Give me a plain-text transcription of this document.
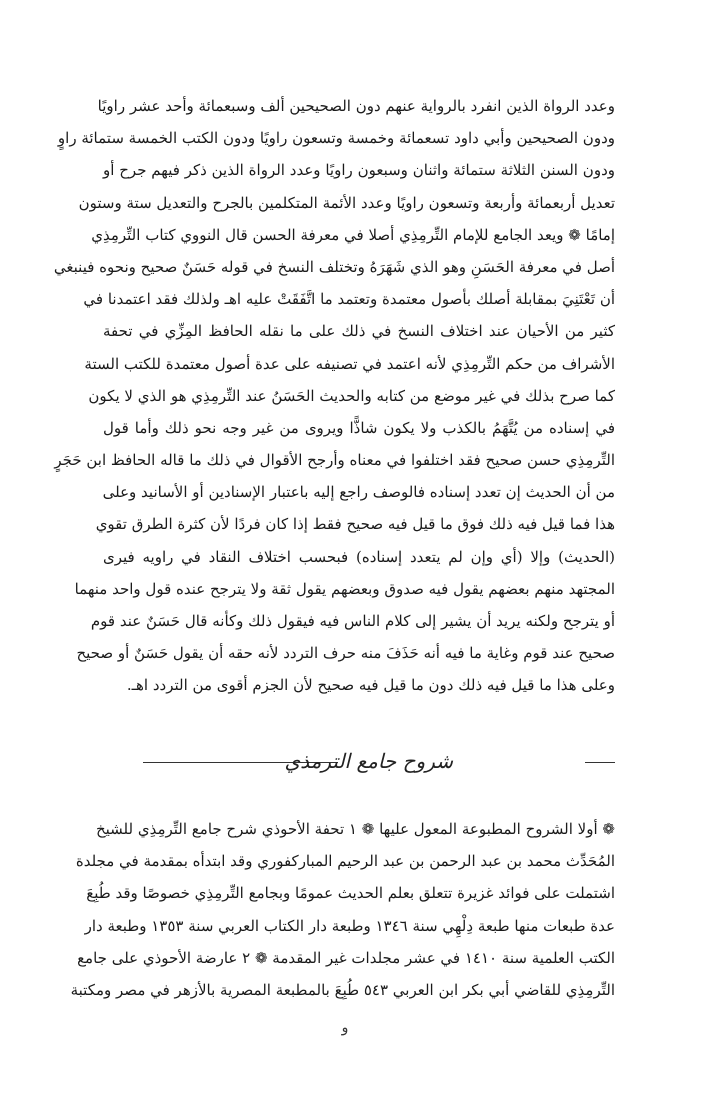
وعدد الرواة الذين انفرد بالرواية عنهم دون الصحيحين ألف وسبعمائة وأحد عشر راويًا
ودون الصحيحين وأبي داود تسعمائة وخمسة وتسعون راويًا ودون الكتب الخمسة ستمائة راوٍ
ودون السنن الثلاثة ستمائة واثنان وسبعون راويًا وعدد الرواة الذين ذكر فيهم جرح أو
تعديل أربعمائة وأربعة وتسعون راويًا وعدد الأئمة المتكلمين بالجرح والتعديل ستة وستون
إمامًا ❁ ويعد الجامع للإمام التِّرمِذِي أصلا في معرفة الحسن قال النووي كتاب التِّرمِذِي
أصل في معرفة الحَسَنِ وهو الذي شَهَرَهُ وتختلف النسخ في قوله حَسَنٌ صحيح ونحوه فينبغي
أن تَعْتَنِيَ بمقابلة أصلك بأصول معتمدة وتعتمد ما اتَّفَقَتْ عليه اهـ ولذلك فقد اعتمدنا في
كثير من الأحيان عند اختلاف النسخ في ذلك على ما نقله الحافظ المِزِّي في تحفة
الأشراف من حكم التِّرمِذِي لأنه اعتمد في تصنيفه على عدة أصول معتمدة للكتب الستة
كما صرح بذلك في غير موضع من كتابه والحديث الحَسَنُ عند التِّرمِذِي هو الذي لا يكون
في إسناده من يُتَّهَمُ بالكذب ولا يكون شاذًّا ويروى من غير وجه نحو ذلك وأما قول
التِّرمِذِي حسن صحيح فقد اختلفوا في معناه وأرجح الأقوال في ذلك ما قاله الحافظ ابن حَجَرٍ
من أن الحديث إن تعدد إسناده فالوصف راجع إليه باعتبار الإسنادين أو الأسانيد وعلى
هذا فما قيل فيه ذلك فوق ما قيل فيه صحيح فقط إذا كان فردًا لأن كثرة الطرق تقوي
(الحديث) وإلا (أي وإن لم يتعدد إسناده) فبحسب اختلاف النقاد في راويه فيرى
المجتهد منهم بعضهم يقول فيه صدوق وبعضهم يقول ثقة ولا يترجح عنده قول واحد منهما
أو يترجح ولكنه يريد أن يشير إلى كلام الناس فيه فيقول ذلك وكأنه قال حَسَنٌ عند قوم
صحيح عند قوم وغاية ما فيه أنه حَذَفَ منه حرف التردد لأنه حقه أن يقول حَسَنٌ أو صحيح
وعلى هذا ما قيل فيه ذلك دون ما قيل فيه صحيح لأن الجزم أقوى من التردد اهـ.
شروح جامع الترمذي
❁ أولا الشروح المطبوعة المعول عليها ❁ ١ تحفة الأحوذي شرح جامع التِّرمِذِي للشيخ
المُحَدِّث محمد بن عبد الرحمن بن عبد الرحيم المباركفوري وقد ابتدأه بمقدمة في مجلدة
اشتملت على فوائد غزيرة تتعلق بعلم الحديث عمومًا وبجامع التِّرمِذِي خصوصًا وقد طُبِعَ
عدة طبعات منها طبعة دِلْهِي سنة ١٣٤٦ وطبعة دار الكتاب العربي سنة ١٣٥٣ وطبعة دار
الكتب العلمية سنة ١٤١٠ في عشر مجلدات غير المقدمة ❁ ٢ عارضة الأحوذي على جامع
التِّرمِذِي للقاضي أبي بكر ابن العربي ٥٤٣ طُبِعَ بالمطبعة المصرية بالأزهر في مصر ومكتبة
و
